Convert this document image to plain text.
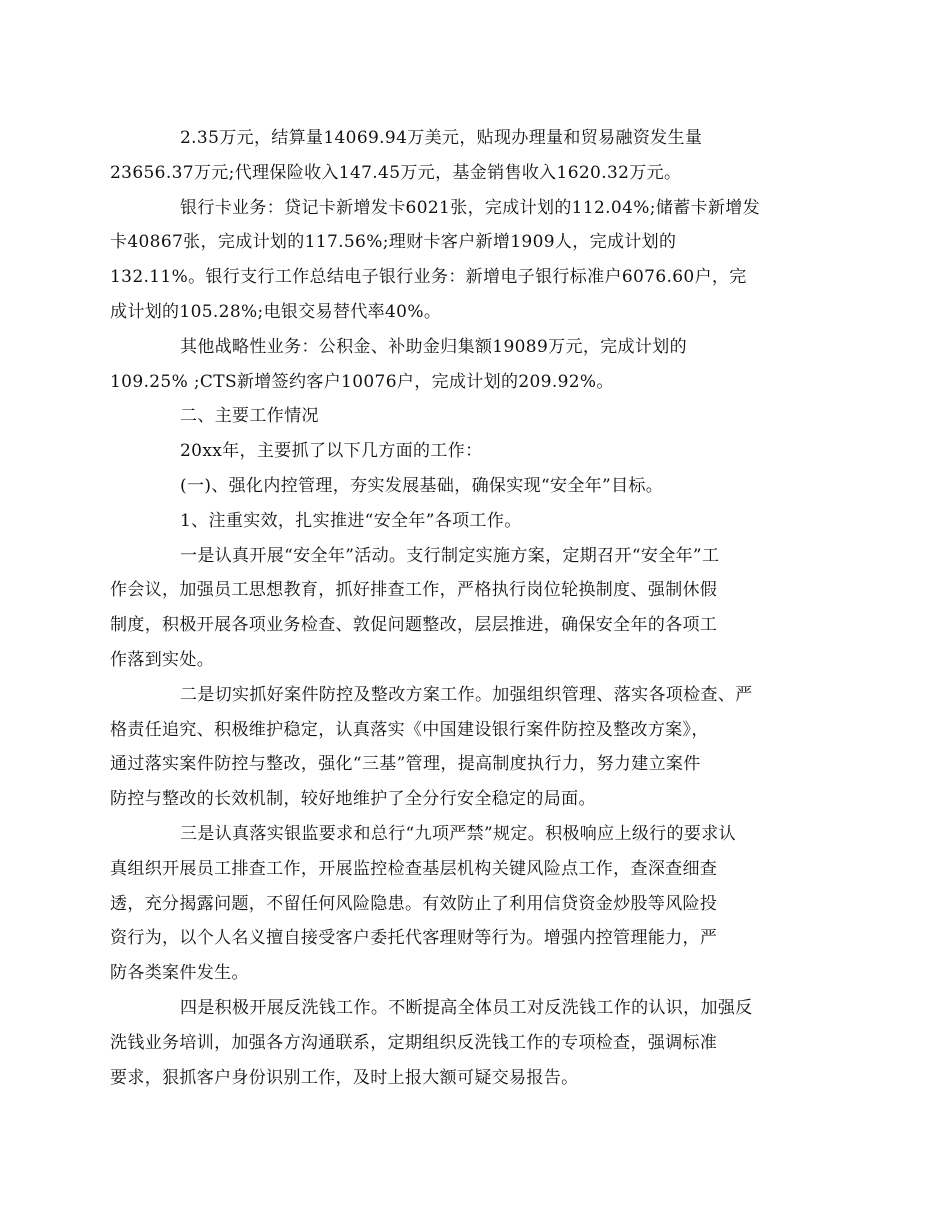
2.35万元，结算量14069.94万美元，贴现办理量和贸易融资发生量
23656.37万元;代理保险收入147.45万元，基金销售收入1620.32万元。

银行卡业务：贷记卡新增发卡6021张，完成计划的112.04%;储蓄卡新增发
卡40867张，完成计划的117.56%;理财卡客户新增1909人，完成计划的
132.11%。银行支行工作总结电子银行业务：新增电子银行标准户6076.60户，完
成计划的105.28%;电银交易替代率40%。

其他战略性业务：公积金、补助金归集额19089万元，完成计划的
109.25% ;CTS新增签约客户10076户，完成计划的209.92%。

二、主要工作情况

20xx年，主要抓了以下几方面的工作：

(一)、强化内控管理，夯实发展基础，确保实现“安全年”目标。

1、注重实效，扎实推进“安全年”各项工作。

一是认真开展“安全年”活动。支行制定实施方案，定期召开“安全年”工
作会议，加强员工思想教育，抓好排查工作，严格执行岗位轮换制度、强制休假
制度，积极开展各项业务检查、敦促问题整改，层层推进，确保安全年的各项工
作落到实处。

二是切实抓好案件防控及整改方案工作。加强组织管理、落实各项检查、严
格责任追究、积极维护稳定，认真落实《中国建设银行案件防控及整改方案》，
通过落实案件防控与整改，强化“三基”管理，提高制度执行力，努力建立案件
防控与整改的长效机制，较好地维护了全分行安全稳定的局面。

三是认真落实银监要求和总行“九项严禁”规定。积极响应上级行的要求认
真组织开展员工排查工作，开展监控检查基层机构关键风险点工作，查深查细查
透，充分揭露问题，不留任何风险隐患。有效防止了利用信贷资金炒股等风险投
资行为，以个人名义擅自接受客户委托代客理财等行为。增强内控管理能力，严
防各类案件发生。

四是积极开展反洗钱工作。不断提高全体员工对反洗钱工作的认识，加强反
洗钱业务培训，加强各方沟通联系，定期组织反洗钱工作的专项检查，强调标准
要求，狠抓客户身份识别工作，及时上报大额可疑交易报告。
